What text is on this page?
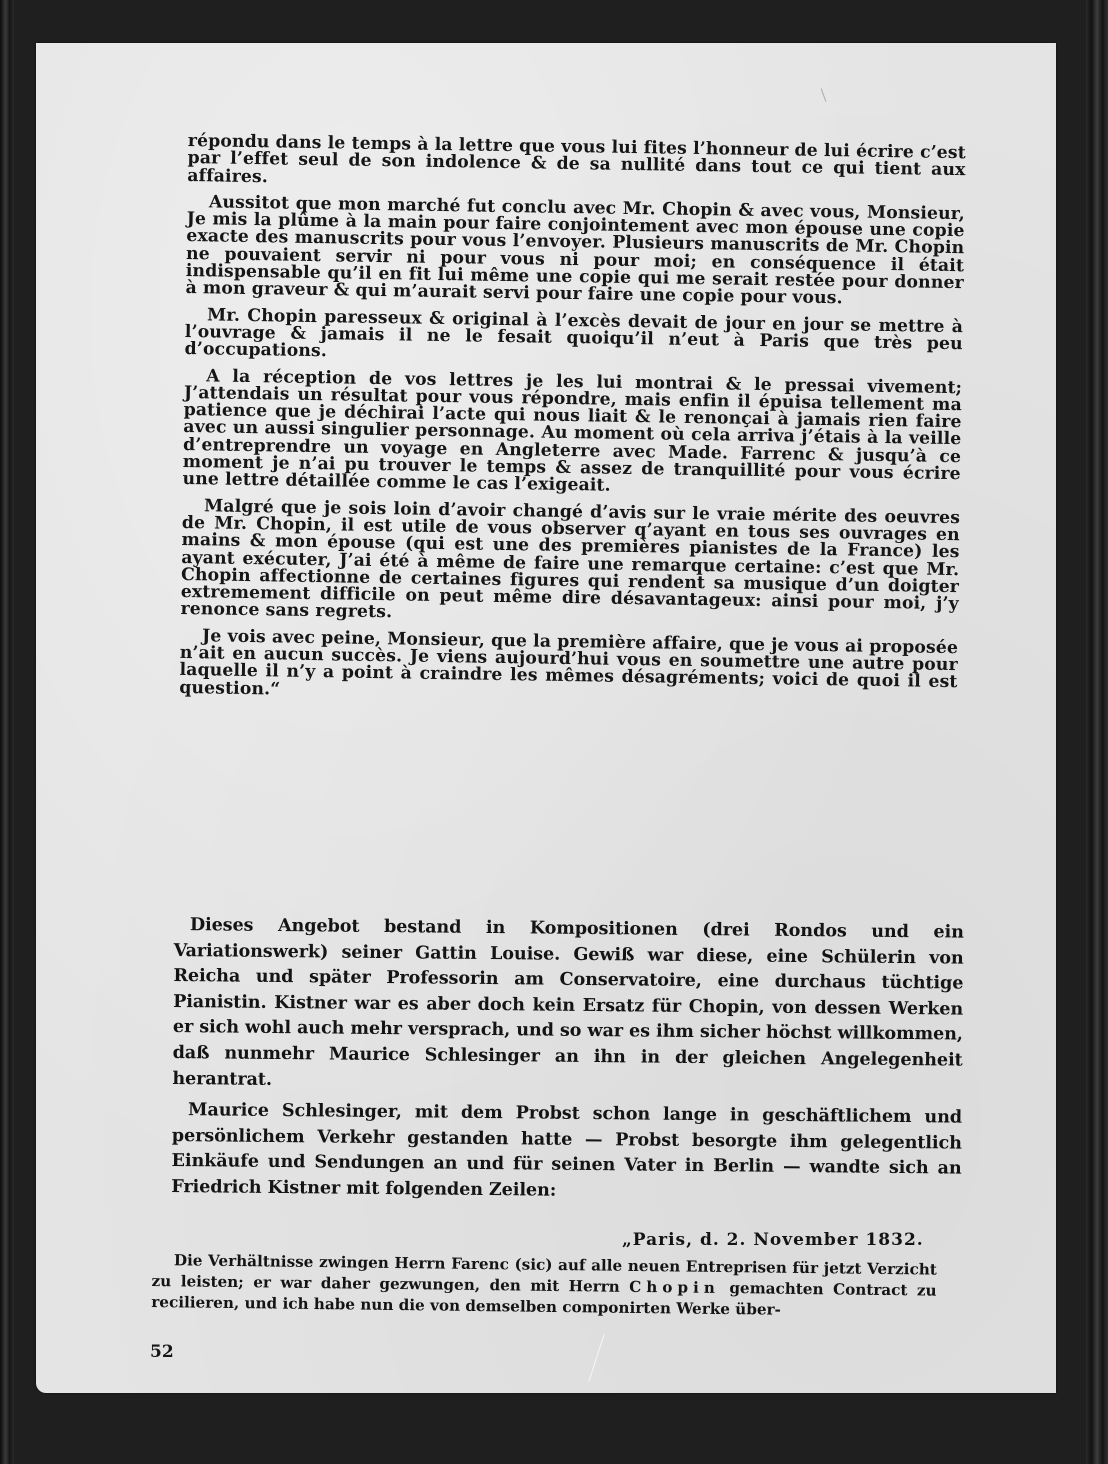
répondu dans le temps à la lettre que vous lui fites l’honneur de lui écrire c’est par l’effet seul de son indolence & de sa nullité dans tout ce qui tient aux affaires.

Aussitot que mon marché fut conclu avec Mr. Chopin & avec vous, Monsieur, Je mis la plûme à la main pour faire conjointement avec mon épouse une copie exacte des manuscrits pour vous l’envoyer. Plusieurs manuscrits de Mr. Chopin ne pouvaient servir ni pour vous ni pour moi; en conséquence il était indispensable qu’il en fit lui même une copie qui me serait restée pour donner à mon graveur & qui m’aurait servi pour faire une copie pour vous.

Mr. Chopin paresseux & original à l’excès devait de jour en jour se mettre à l’ouvrage & jamais il ne le fesait quoiqu’il n’eut à Paris que très peu d’occupations.

A la réception de vos lettres je les lui montrai & le pressai vivement; J’attendais un résultat pour vous répondre, mais enfin il épuisa tellement ma patience que je déchirai l’acte qui nous liait & le renonçai à jamais rien faire avec un aussi singulier personnage. Au moment où cela arriva j’étais à la veille d’entreprendre un voyage en Angleterre avec Made. Farrenc & jusqu’à ce moment je n’ai pu trouver le temps & assez de tranquillité pour vous écrire une lettre détaillée comme le cas l’exigeait.

Malgré que je sois loin d’avoir changé d’avis sur le vraie mérite des oeuvres de Mr. Chopin, il est utile de vous observer q’ayant en tous ses ouvrages en mains & mon épouse (qui est une des premières pianistes de la France) les ayant exécuter, J’ai été à même de faire une remarque certaine: c’est que Mr. Chopin affectionne de certaines figures qui rendent sa musique d’un doigter extremement difficile on peut même dire désavantageux: ainsi pour moi, j’y renonce sans regrets.

Je vois avec peine, Monsieur, que la première affaire, que je vous ai proposée n’ait en aucun succès. Je viens aujourd’hui vous en soumettre une autre pour laquelle il n’y a point à craindre les mêmes désagréments; voici de quoi il est question.“

Dieses Angebot bestand in Kompositionen (drei Rondos und ein Variationswerk) seiner Gattin Louise. Gewiß war diese, eine Schülerin von Reicha und später Professorin am Conservatoire, eine durchaus tüchtige Pianistin. Kistner war es aber doch kein Ersatz für Chopin, von dessen Werken er sich wohl auch mehr versprach, und so war es ihm sicher höchst willkommen, daß nunmehr Maurice Schlesinger an ihn in der gleichen Angelegenheit herantrat.

Maurice Schlesinger, mit dem Probst schon lange in geschäftlichem und persönlichem Verkehr gestanden hatte — Probst besorgte ihm gelegentlich Einkäufe und Sendungen an und für seinen Vater in Berlin — wandte sich an Friedrich Kistner mit folgenden Zeilen:

„Paris, d. 2. November 1832.

Die Verhältnisse zwingen Herrn Farenc (sic) auf alle neuen Entreprisen für jetzt Verzicht zu leisten; er war daher gezwungen, den mit Herrn Chopin gemachten Contract zu recilieren, und ich habe nun die von demselben componirten Werke über-

52
